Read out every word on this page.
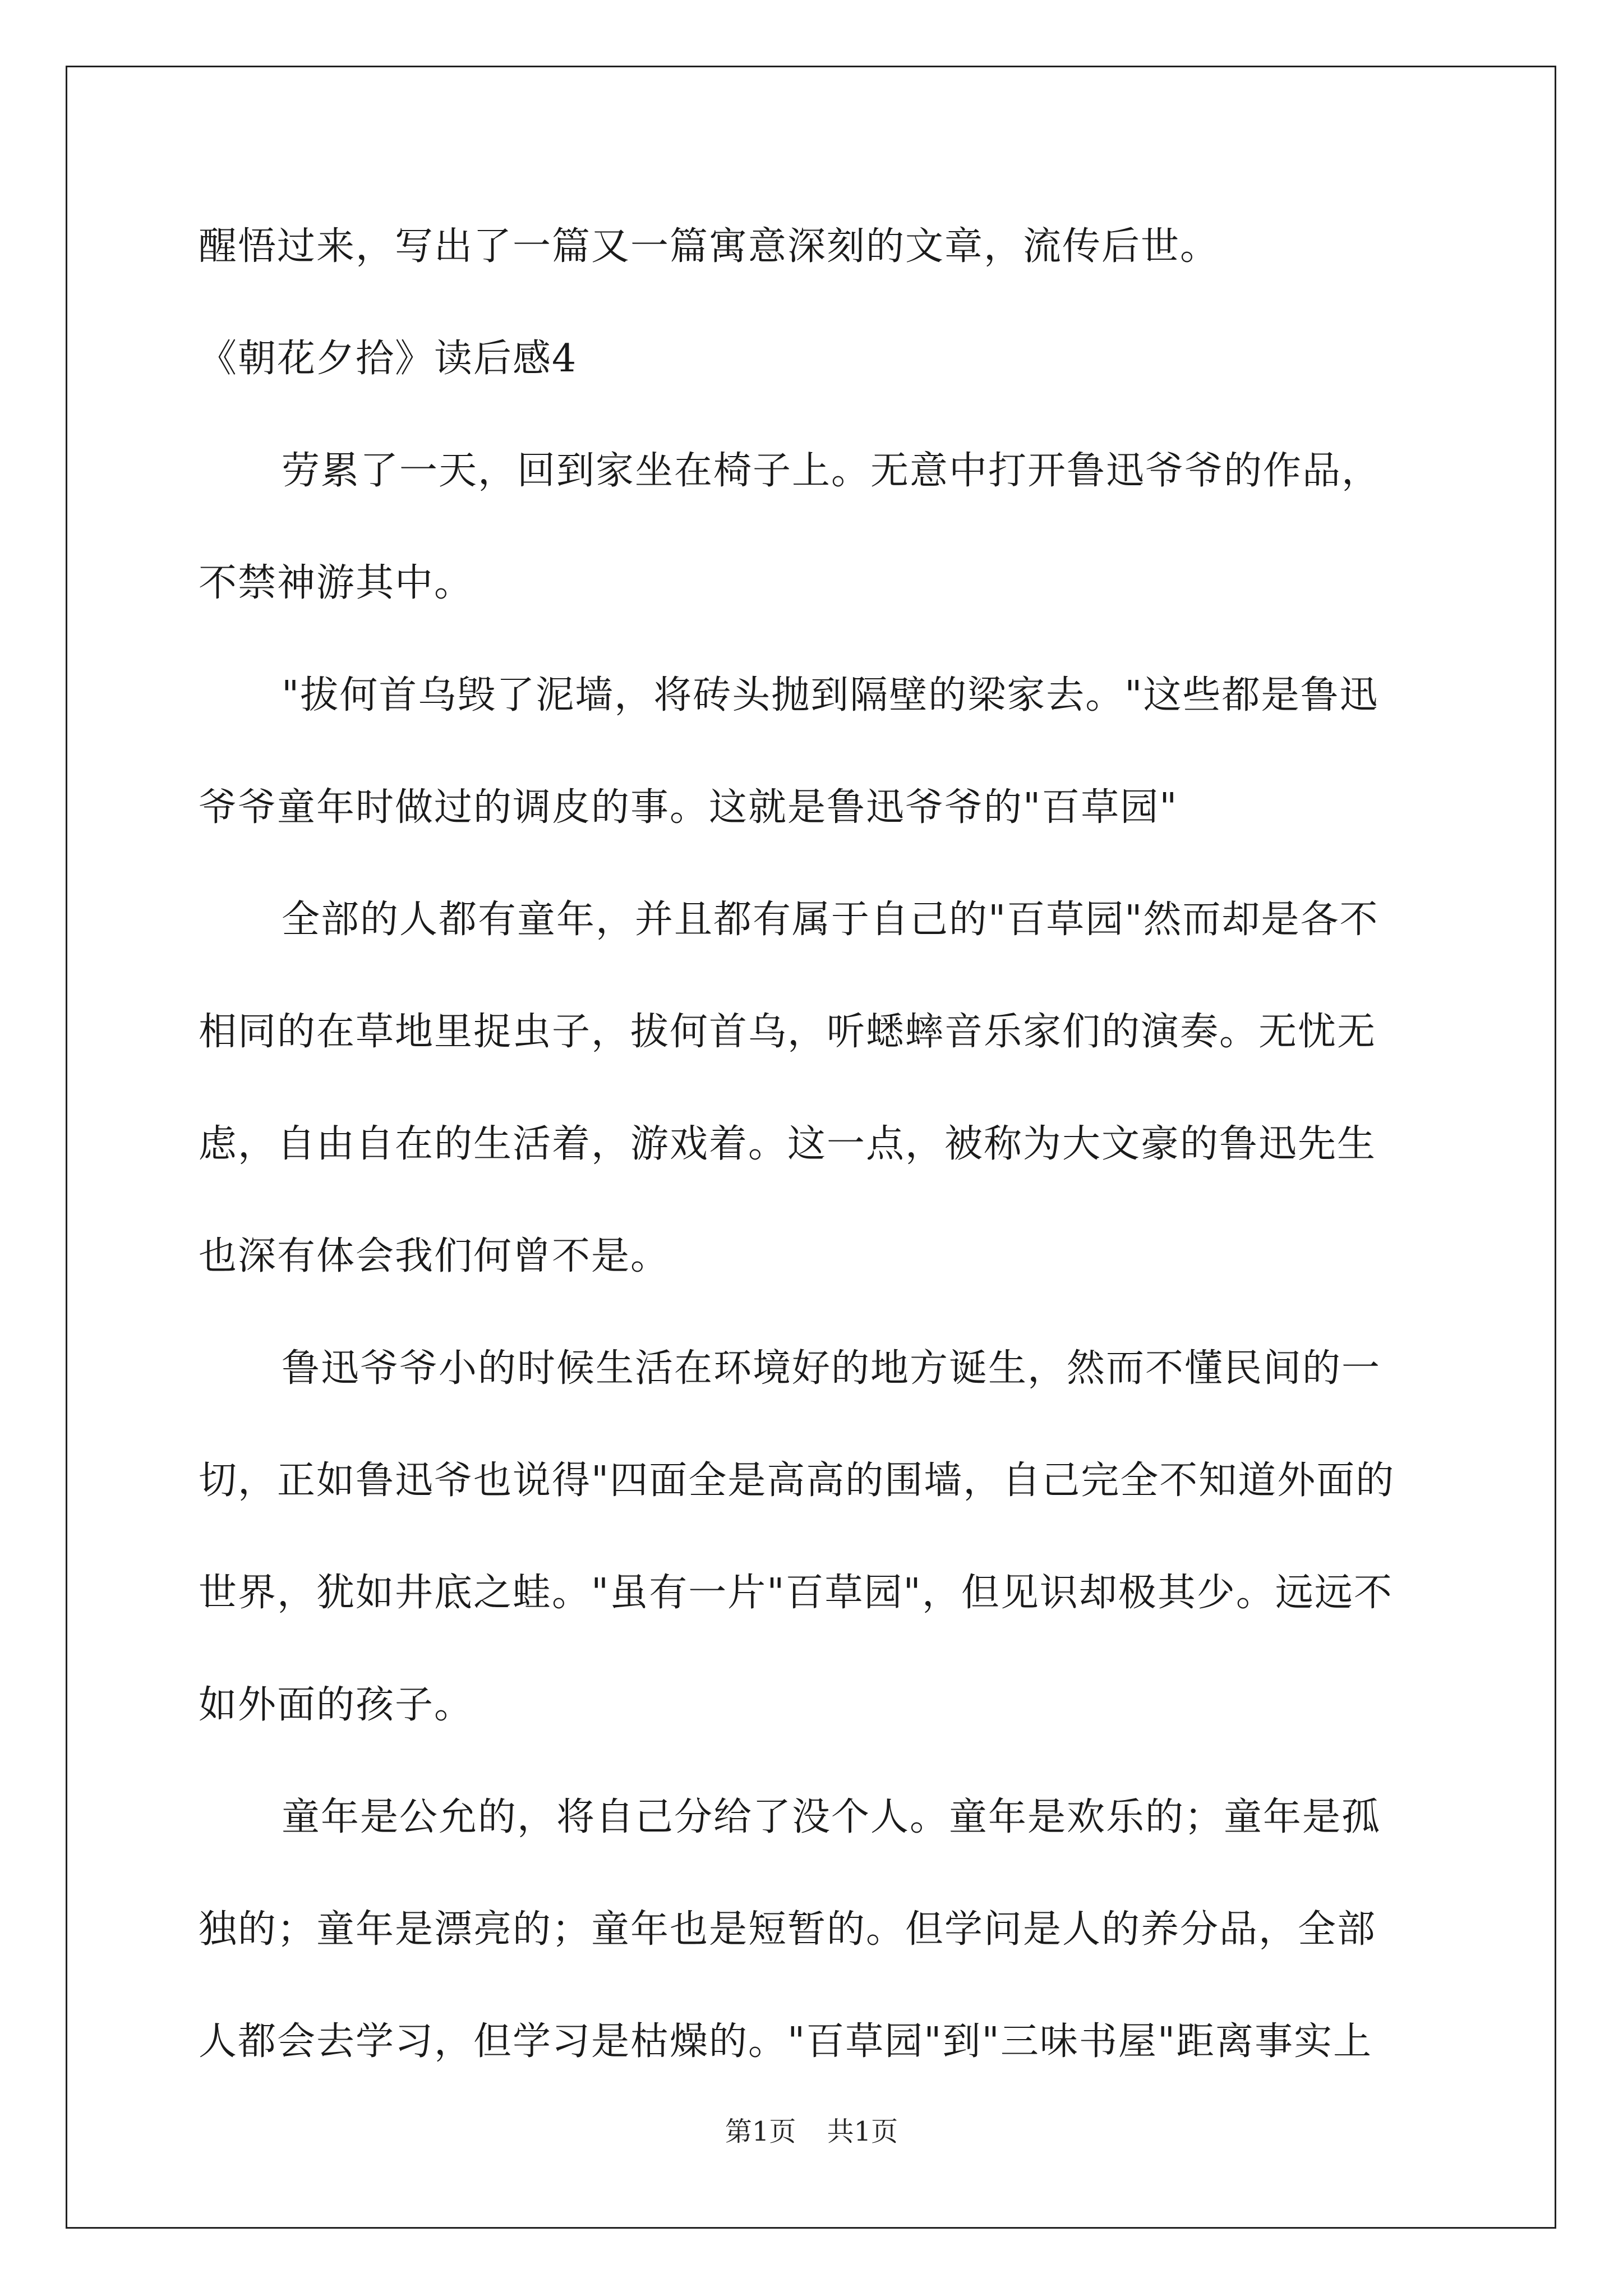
醒悟过来，写出了一篇又一篇寓意深刻的文章，流传后世。

《朝花夕拾》读后感4

劳累了一天，回到家坐在椅子上。无意中打开鲁迅爷爷的作品，

不禁神游其中。

"拔何首乌毁了泥墙，将砖头抛到隔壁的梁家去。"这些都是鲁迅

爷爷童年时做过的调皮的事。这就是鲁迅爷爷的"百草园"

全部的人都有童年，并且都有属于自己的"百草园"然而却是各不

相同的在草地里捉虫子，拔何首乌，听蟋蟀音乐家们的演奏。无忧无

虑，自由自在的生活着，游戏着。这一点，被称为大文豪的鲁迅先生

也深有体会我们何曾不是。

鲁迅爷爷小的时候生活在环境好的地方诞生，然而不懂民间的一

切，正如鲁迅爷也说得"四面全是高高的围墙，自己完全不知道外面的

世界，犹如井底之蛙。"虽有一片"百草园"，但见识却极其少。远远不

如外面的孩子。

童年是公允的，将自己分给了没个人。童年是欢乐的；童年是孤

独的；童年是漂亮的；童年也是短暂的。但学问是人的养分品，全部

人都会去学习，但学习是枯燥的。"百草园"到"三味书屋"距离事实上

第1页 共1页
